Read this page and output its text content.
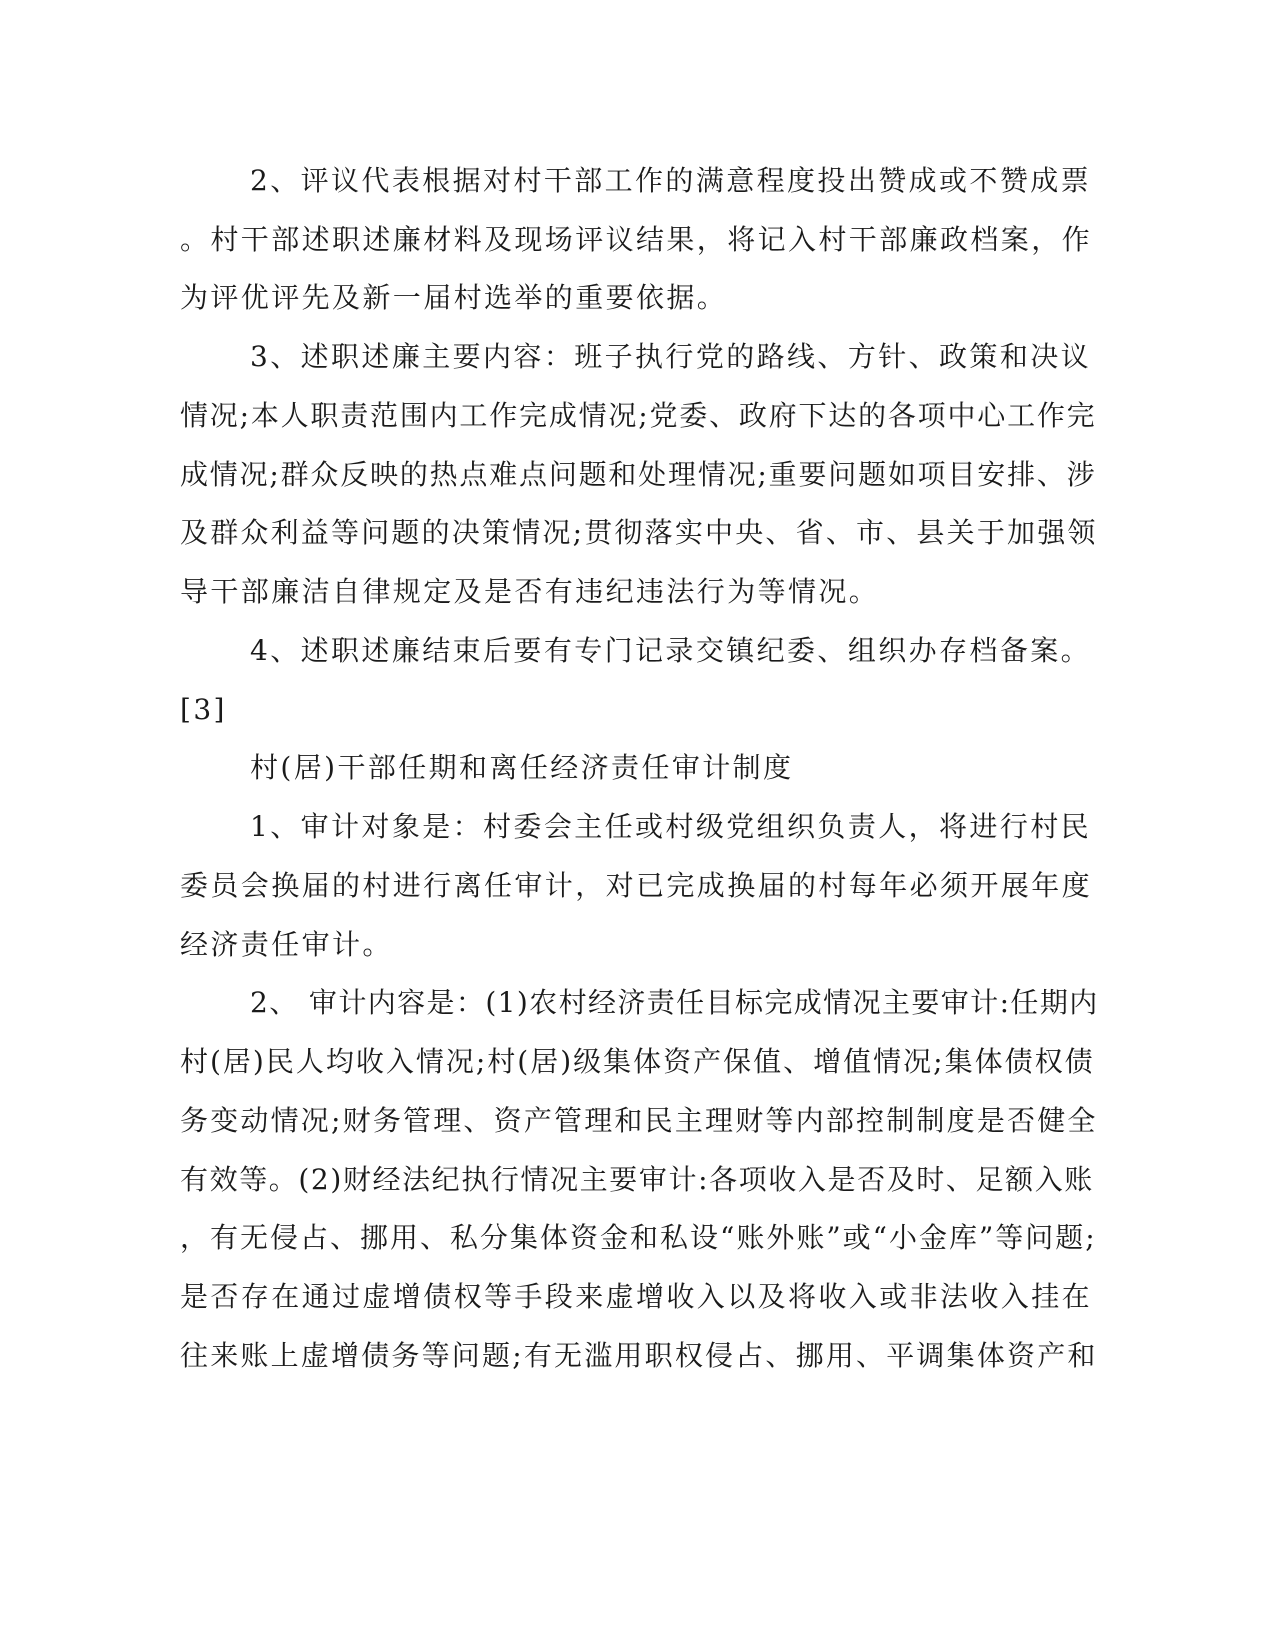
2、评议代表根据对村干部工作的满意程度投出赞成或不赞成票

。村干部述职述廉材料及现场评议结果，将记入村干部廉政档案，作

为评优评先及新一届村选举的重要依据。

3、述职述廉主要内容：班子执行党的路线、方针、政策和决议

情况;本人职责范围内工作完成情况;党委、政府下达的各项中心工作完

成情况;群众反映的热点难点问题和处理情况;重要问题如项目安排、涉

及群众利益等问题的决策情况;贯彻落实中央、省、市、县关于加强领

导干部廉洁自律规定及是否有违纪违法行为等情况。

4、述职述廉结束后要有专门记录交镇纪委、组织办存档备案。

[3]

村(居)干部任期和离任经济责任审计制度

1、审计对象是：村委会主任或村级党组织负责人，将进行村民

委员会换届的村进行离任审计，对已完成换届的村每年必须开展年度

经济责任审计。

2、 审计内容是：(1)农村经济责任目标完成情况主要审计:任期内

村(居)民人均收入情况;村(居)级集体资产保值、增值情况;集体债权债

务变动情况;财务管理、资产管理和民主理财等内部控制制度是否健全

有效等。(2)财经法纪执行情况主要审计:各项收入是否及时、足额入账

，有无侵占、挪用、私分集体资金和私设“账外账”或“小金库”等问题;

是否存在通过虚增债权等手段来虚增收入以及将收入或非法收入挂在

往来账上虚增债务等问题;有无滥用职权侵占、挪用、平调集体资产和
